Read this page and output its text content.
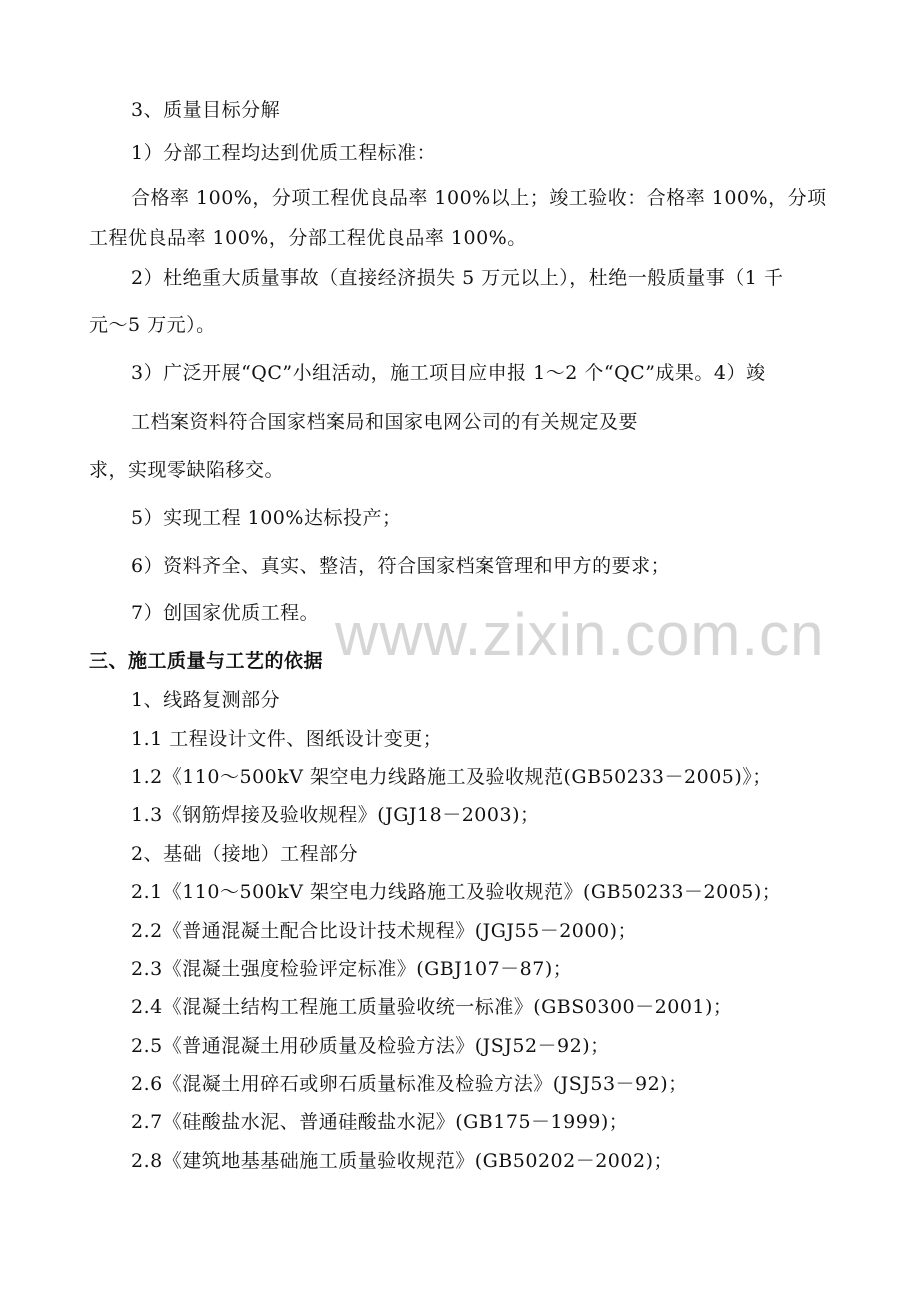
3、质量目标分解
1）分部工程均达到优质工程标准：
合格率 100%，分项工程优良品率 100%以上；竣工验收：合格率 100%，分项
工程优良品率 100%，分部工程优良品率 100%。
2）杜绝重大质量事故（直接经济损失 5 万元以上），杜绝一般质量事（1 千
元～5 万元）。
3）广泛开展“QC”小组活动，施工项目应申报 1～2 个“QC”成果。4）竣
工档案资料符合国家档案局和国家电网公司的有关规定及要
求，实现零缺陷移交。
5）实现工程 100%达标投产；
6）资料齐全、真实、整洁，符合国家档案管理和甲方的要求；
7）创国家优质工程。
三、施工质量与工艺的依据
1、线路复测部分
1.1 工程设计文件、图纸设计变更；
1.2《110～500kV 架空电力线路施工及验收规范(GB50233－2005)》；
1.3《钢筋焊接及验收规程》(JGJ18－2003)；
2、基础（接地）工程部分
2.1《110～500kV 架空电力线路施工及验收规范》(GB50233－2005)；
2.2《普通混凝土配合比设计技术规程》(JGJ55－2000)；
2.3《混凝土强度检验评定标准》(GBJ107－87)；
2.4《混凝土结构工程施工质量验收统一标准》(GBS0300－2001)；
2.5《普通混凝土用砂质量及检验方法》(JSJ52－92)；
2.6《混凝土用碎石或卵石质量标准及检验方法》(JSJ53－92)；
2.7《硅酸盐水泥、普通硅酸盐水泥》(GB175－1999)；
2.8《建筑地基基础施工质量验收规范》(GB50202－2002)；
www.zixin.com.cn
